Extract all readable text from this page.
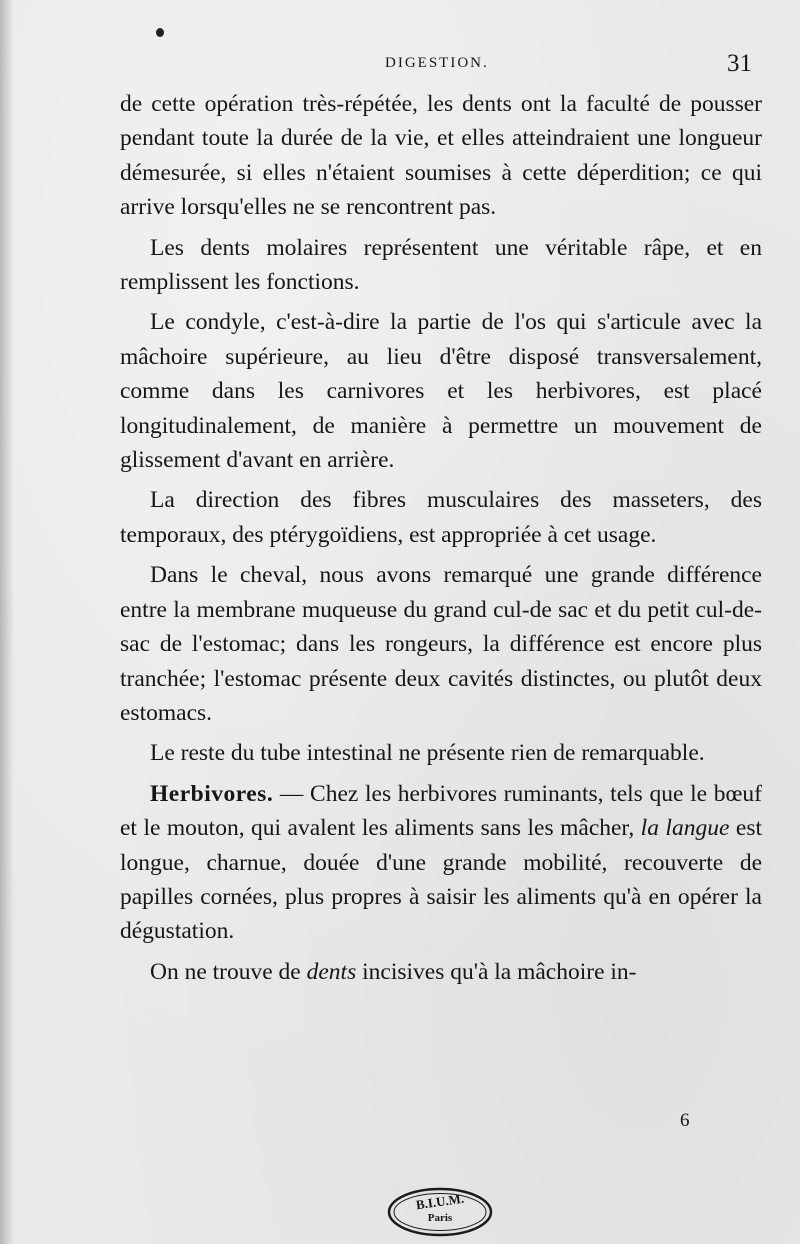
DIGESTION.	31

de cette opération très-répétée, les dents ont la faculté de pousser pendant toute la durée de la vie, et elles atteindraient une longueur démesurée, si elles n'étaient soumises à cette déperdition; ce qui arrive lorsqu'elles ne se rencontrent pas.

Les dents molaires représentent une véritable râpe, et en remplissent les fonctions.

Le condyle, c'est-à-dire la partie de l'os qui s'articule avec la mâchoire supérieure, au lieu d'être disposé transversalement, comme dans les carnivores et les herbivores, est placé longitudinalement, de manière à permettre un mouvement de glissement d'avant en arrière.

La direction des fibres musculaires des masseters, des temporaux, des ptérygoïdiens, est appropriée à cet usage.

Dans le cheval, nous avons remarqué une grande différence entre la membrane muqueuse du grand cul-de sac et du petit cul-de-sac de l'estomac; dans les rongeurs, la différence est encore plus tranchée; l'estomac présente deux cavités distinctes, ou plutôt deux estomacs.

Le reste du tube intestinal ne présente rien de remarquable.

Herbivores. — Chez les herbivores ruminants, tels que le bœuf et le mouton, qui avalent les aliments sans les mâcher, la langue est longue, charnue, douée d'une grande mobilité, recouverte de papilles cornées, plus propres à saisir les aliments qu'à en opérer la dégustation.

On ne trouve de dents incisives qu'à la mâchoire in-

6
B.I.U.M.
Paris
